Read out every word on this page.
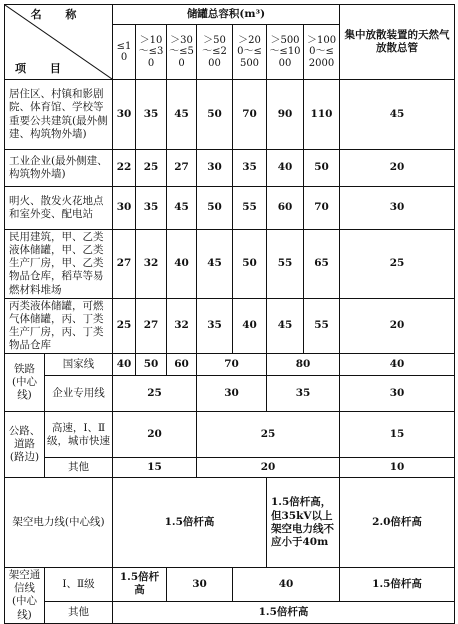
名 称
项 目		储罐总容积(m³)							集中放散装置的天然气放散总管
		≤10	＞10～≤30	＞30～≤50	＞50～≤200	＞200～≤500	＞500～≤1000	＞1000～≤2000	
居住区、村镇和影剧院、体育馆、学校等重要公共建筑(最外侧建、构筑物外墙)		30	35	45	50	70	90	110	45
工业企业(最外侧建、构筑物外墙)		22	25	27	30	35	40	50	20
明火、散发火花地点和室外变、配电站		30	35	45	50	55	60	70	30
民用建筑，甲、乙类液体储罐，甲、乙类生产厂房，甲、乙类物品仓库，稻草等易燃材料堆场		27	32	40	45	50	55	65	25
丙类液体储罐，可燃气体储罐，丙、丁类生产厂房，丙、丁类物品仓库		25	27	32	35	40	45	55	20
铁路(中心线)	国家线	40	50	60	70		80		40
	企业专用线	25			30		35		30
公路、道路(路边)	高速，Ⅰ、Ⅱ级，城市快速	20			25				15
	其他	15			20				10
架空电力线(中心线)		1.5倍杆高					1.5倍杆高，但35kV以上架空电力线不应小于40m		2.0倍杆高
架空通信线(中心线)	Ⅰ、Ⅱ级	1.5倍杆高		30		40			1.5倍杆高
	其他	1.5倍杆高							
